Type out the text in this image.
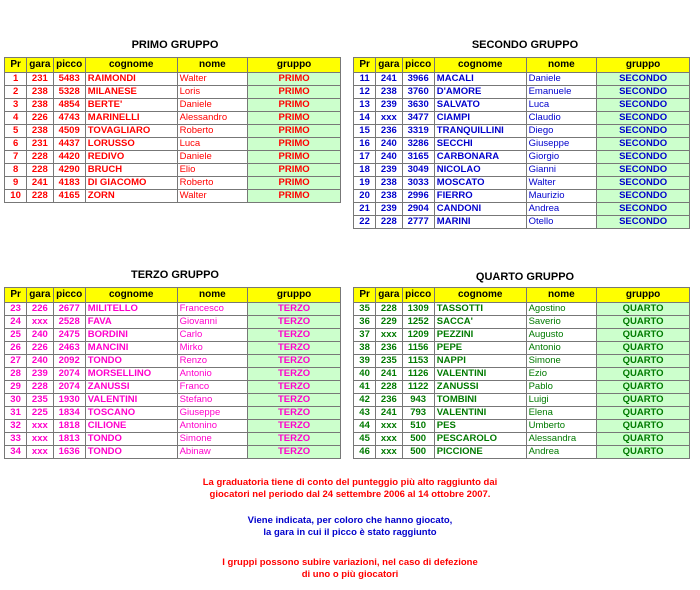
PRIMO GRUPPO
Pr	gara	picco	cognome	nome	gruppo
1	231	5483	RAIMONDI	Walter	PRIMO
2	238	5328	MILANESE	Loris	PRIMO
3	238	4854	BERTE'	Daniele	PRIMO
4	226	4743	MARINELLI	Alessandro	PRIMO
5	238	4509	TOVAGLIARO	Roberto	PRIMO
6	231	4437	LORUSSO	Luca	PRIMO
7	228	4420	REDIVO	Daniele	PRIMO
8	228	4290	BRUCH	Elio	PRIMO
9	241	4183	DI GIACOMO	Roberto	PRIMO
10	228	4165	ZORN	Walter	PRIMO
SECONDO GRUPPO
Pr	gara	picco	cognome	nome	gruppo
11	241	3966	MACALI	Daniele	SECONDO
12	238	3760	D'AMORE	Emanuele	SECONDO
13	239	3630	SALVATO	Luca	SECONDO
14	xxx	3477	CIAMPI	Claudio	SECONDO
15	236	3319	TRANQUILLINI	Diego	SECONDO
16	240	3286	SECCHI	Giuseppe	SECONDO
17	240	3165	CARBONARA	Giorgio	SECONDO
18	239	3049	NICOLAO	Gianni	SECONDO
19	238	3033	MOSCATO	Walter	SECONDO
20	238	2996	FIERRO	Maurizio	SECONDO
21	239	2904	CANDONI	Andrea	SECONDO
22	228	2777	MARINI	Otello	SECONDO
TERZO GRUPPO
Pr	gara	picco	cognome	nome	gruppo
23	226	2677	MILITELLO	Francesco	TERZO
24	xxx	2528	FAVA	Giovanni	TERZO
25	240	2475	BORDINI	Carlo	TERZO
26	226	2463	MANCINI	Mirko	TERZO
27	240	2092	TONDO	Renzo	TERZO
28	239	2074	MORSELLINO	Antonio	TERZO
29	228	2074	ZANUSSI	Franco	TERZO
30	235	1930	VALENTINI	Stefano	TERZO
31	225	1834	TOSCANO	Giuseppe	TERZO
32	xxx	1818	CILIONE	Antonino	TERZO
33	xxx	1813	TONDO	Simone	TERZO
34	xxx	1636	TONDO	Abinaw	TERZO
QUARTO GRUPPO
Pr	gara	picco	cognome	nome	gruppo
35	228	1309	TASSOTTI	Agostino	QUARTO
36	229	1252	SACCA'	Saverio	QUARTO
37	xxx	1209	PEZZINI	Augusto	QUARTO
38	236	1156	PEPE	Antonio	QUARTO
39	235	1153	NAPPI	Simone	QUARTO
40	241	1126	VALENTINI	Ezio	QUARTO
41	228	1122	ZANUSSI	Pablo	QUARTO
42	236	943	TOMBINI	Luigi	QUARTO
43	241	793	VALENTINI	Elena	QUARTO
44	xxx	510	PES	Umberto	QUARTO
45	xxx	500	PESCAROLO	Alessandra	QUARTO
46	xxx	500	PICCIONE	Andrea	QUARTO
La graduatoria tiene di conto del punteggio più alto raggiunto dai
giocatori nel periodo dal 24 settembre 2006 al 14 ottobre 2007.
Viene indicata, per coloro che hanno giocato,
la gara in cui il picco è stato raggiunto
I gruppi possono subire variazioni, nel caso di defezione
di uno o più giocatori
